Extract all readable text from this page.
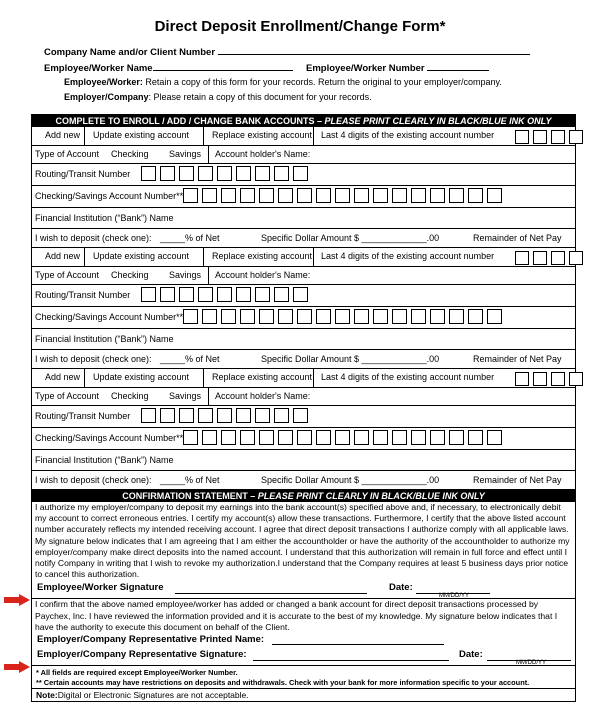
Direct Deposit Enrollment/Change Form*
Company Name and/or Client Number
Employee/Worker Name	Employee/Worker Number
Employee/Worker: Retain a copy of this form for your records. Return the original to your employer/company.
Employer/Company: Please retain a copy of this document for your records.
COMPLETE TO ENROLL / ADD / CHANGE BANK ACCOUNTS – PLEASE PRINT CLEARLY IN BLACK/BLUE INK ONLY
Add new Update existing account	Replace existing account Last 4 digits of the existing account number
Type of Account Checking Savings Account holder's Name:
Routing/Transit Number
Checking/Savings Account Number**
Financial Institution (“Bank”) Name
I wish to deposit (check one): _____% of Net	Specific Dollar Amount $ _____________.00	Remainder of Net Pay
Add new Update existing account	Replace existing account Last 4 digits of the existing account number
Type of Account Checking Savings Account holder's Name:
Routing/Transit Number
Checking/Savings Account Number**
Financial Institution (“Bank”) Name
I wish to deposit (check one): _____% of Net	Specific Dollar Amount $ _____________.00	Remainder of Net Pay
Add new Update existing account	Replace existing account Last 4 digits of the existing account number
Type of Account Checking Savings Account holder's Name:
Routing/Transit Number
Checking/Savings Account Number**
Financial Institution (“Bank”) Name
I wish to deposit (check one): _____% of Net	Specific Dollar Amount $ _____________.00	Remainder of Net Pay
CONFIRMATION STATEMENT – PLEASE PRINT CLEARLY IN BLACK/BLUE INK ONLY
I authorize my employer/company to deposit my earnings into the bank account(s) specified above and, if necessary, to electronically debit my account to correct erroneous entries. I certify my account(s) allow these transactions. Furthermore, I certify that the above listed account number accurately reflects my intended receiving account. I agree that direct deposit transactions I authorize comply with all applicable laws. My signature below indicates that I am agreeing that I am either the accountholder or have the authority of the accountholder to authorize my employer/company make direct deposits into the named account. I understand that this authorization will remain in full force and effect until I notify Company in writing that I wish to revoke my authorization.I understand that the Company requires at least 5 business days prior notice to cancel this authorization.
Employee/Worker Signature	Date:
MM/DD/YY
I confirm that the above named employee/worker has added or changed a bank account for direct deposit transactions processed by Paychex, Inc. I have reviewed the information provided and it is accurate to the best of my knowledge. My signature below indicates that I have the authority to execute this document on behalf of the Client.
Employer/Company Representative Printed Name:
Employer/Company Representative Signature:	Date:
MM/DD/YY
* All fields are required except Employee/Worker Number.
** Certain accounts may have restrictions on deposits and withdrawals. Check with your bank for more information specific to your account.
Note:Digital or Electronic Signatures are not acceptable.
